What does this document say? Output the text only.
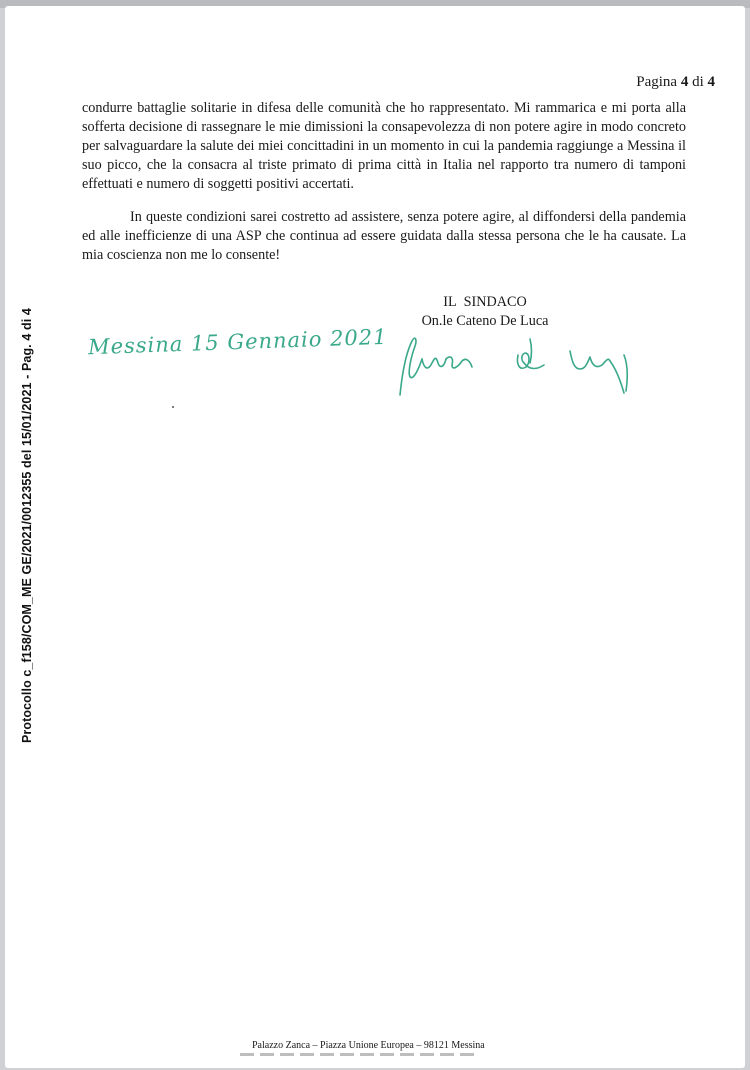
Pagina 4 di 4

condurre battaglie solitarie in difesa delle comunità che ho rappresentato. Mi rammarica e mi porta alla sofferta decisione di rassegnare le mie dimissioni la consapevolezza di non potere agire in modo concreto per salvaguardare la salute dei miei concittadini in un momento in cui la pandemia raggiunge a Messina il suo picco, che la consacra al triste primato di prima città in Italia nel rapporto tra numero di tamponi effettuati e numero di soggetti positivi accertati.

In queste condizioni sarei costretto ad assistere, senza potere agire, al diffondersi della pandemia ed alle inefficienze di una ASP che continua ad essere guidata dalla stessa persona che le ha causate. La mia coscienza non me lo consente!

IL SINDACO
On.le Cateno De Luca
Messina 15 Gennaio 2021
Protocollo c_f158/COM_ME GE/2021/0012355 del 15/01/2021 - Pag. 4 di 4
Palazzo Zanca – Piazza Unione Europea – 98121 Messina
